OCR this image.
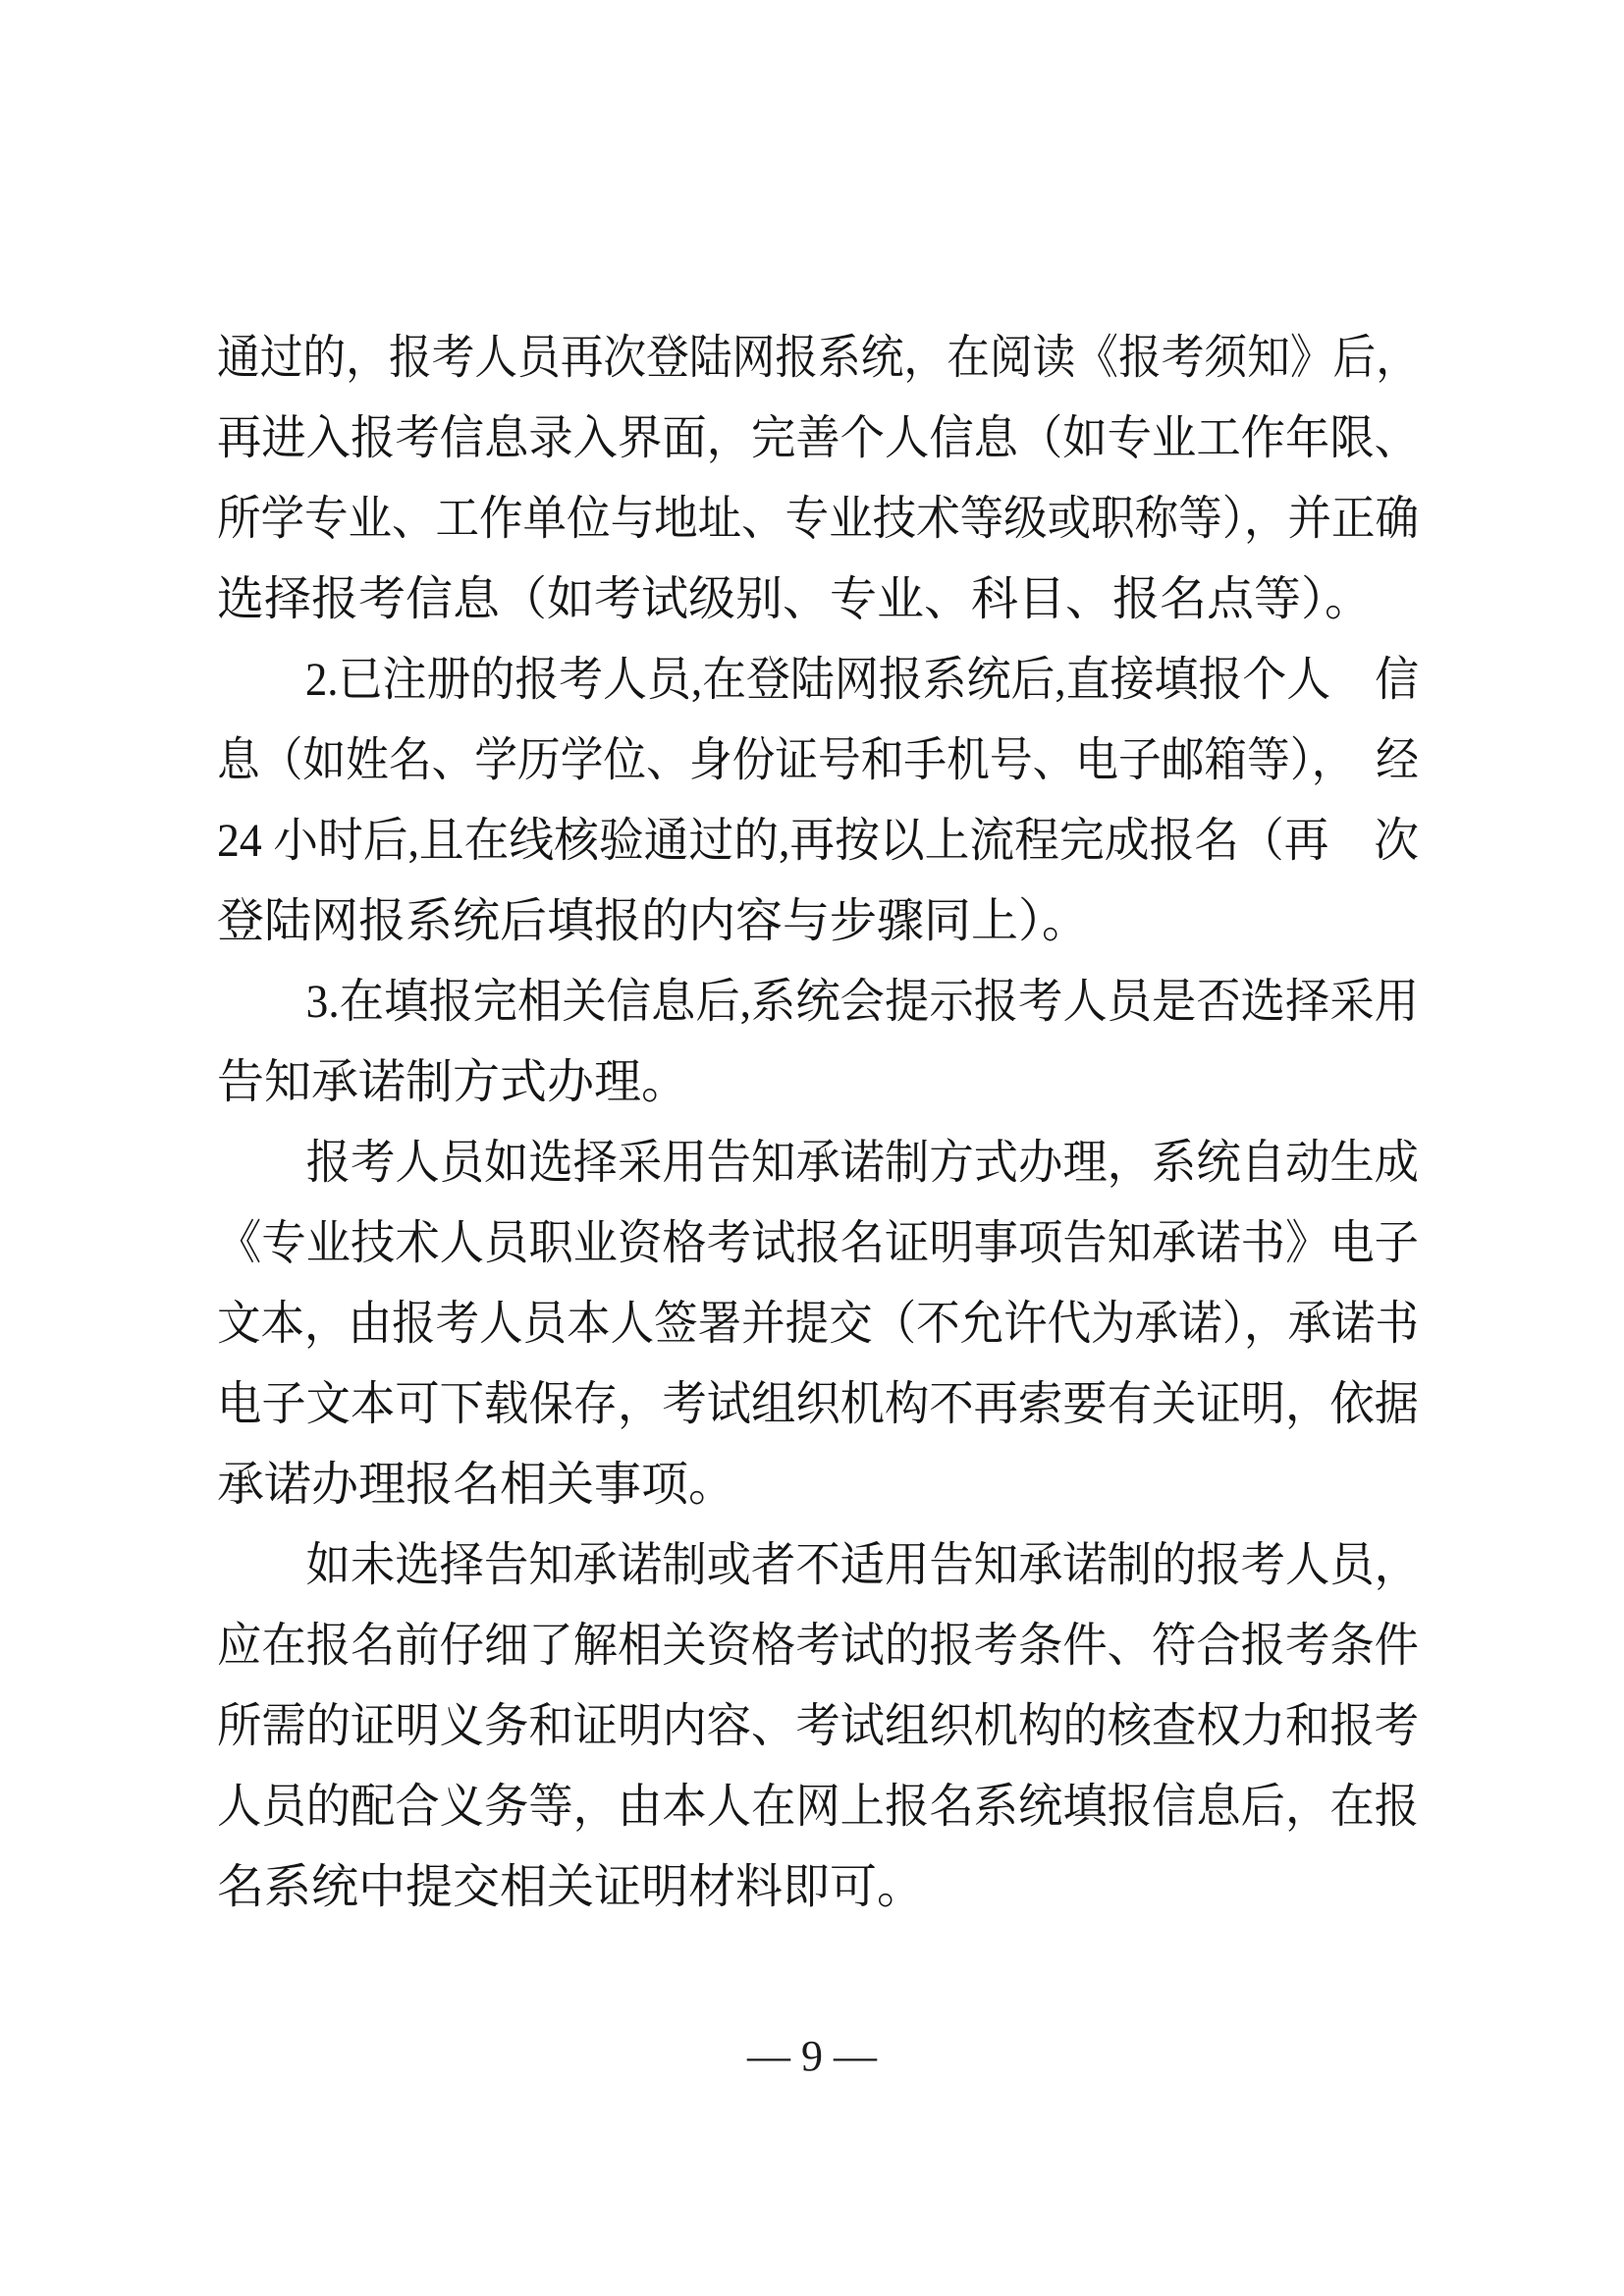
通过的，报考人员再次登陆网报系统，在阅读《报考须知》后，
再进入报考信息录入界面，完善个人信息（如专业工作年限、
所学专业、工作单位与地址、专业技术等级或职称等），并正确
选择报考信息（如考试级别、专业、科目、报名点等）。
　　2.已注册的报考人员,在登陆网报系统后,直接填报个人　信
息（如姓名、学历学位、身份证号和手机号、电子邮箱等），　经
24 小时后,且在线核验通过的,再按以上流程完成报名（再　次
登陆网报系统后填报的内容与步骤同上）。
　　3.在填报完相关信息后,系统会提示报考人员是否选择采用
告知承诺制方式办理。
　　报考人员如选择采用告知承诺制方式办理，系统自动生成
《专业技术人员职业资格考试报名证明事项告知承诺书》电子
文本，由报考人员本人签署并提交（不允许代为承诺），承诺书
电子文本可下载保存，考试组织机构不再索要有关证明，依据
承诺办理报名相关事项。
　　如未选择告知承诺制或者不适用告知承诺制的报考人员，
应在报名前仔细了解相关资格考试的报考条件、符合报考条件
所需的证明义务和证明内容、考试组织机构的核查权力和报考
人员的配合义务等，由本人在网上报名系统填报信息后，在报
名系统中提交相关证明材料即可。
— 9 —
